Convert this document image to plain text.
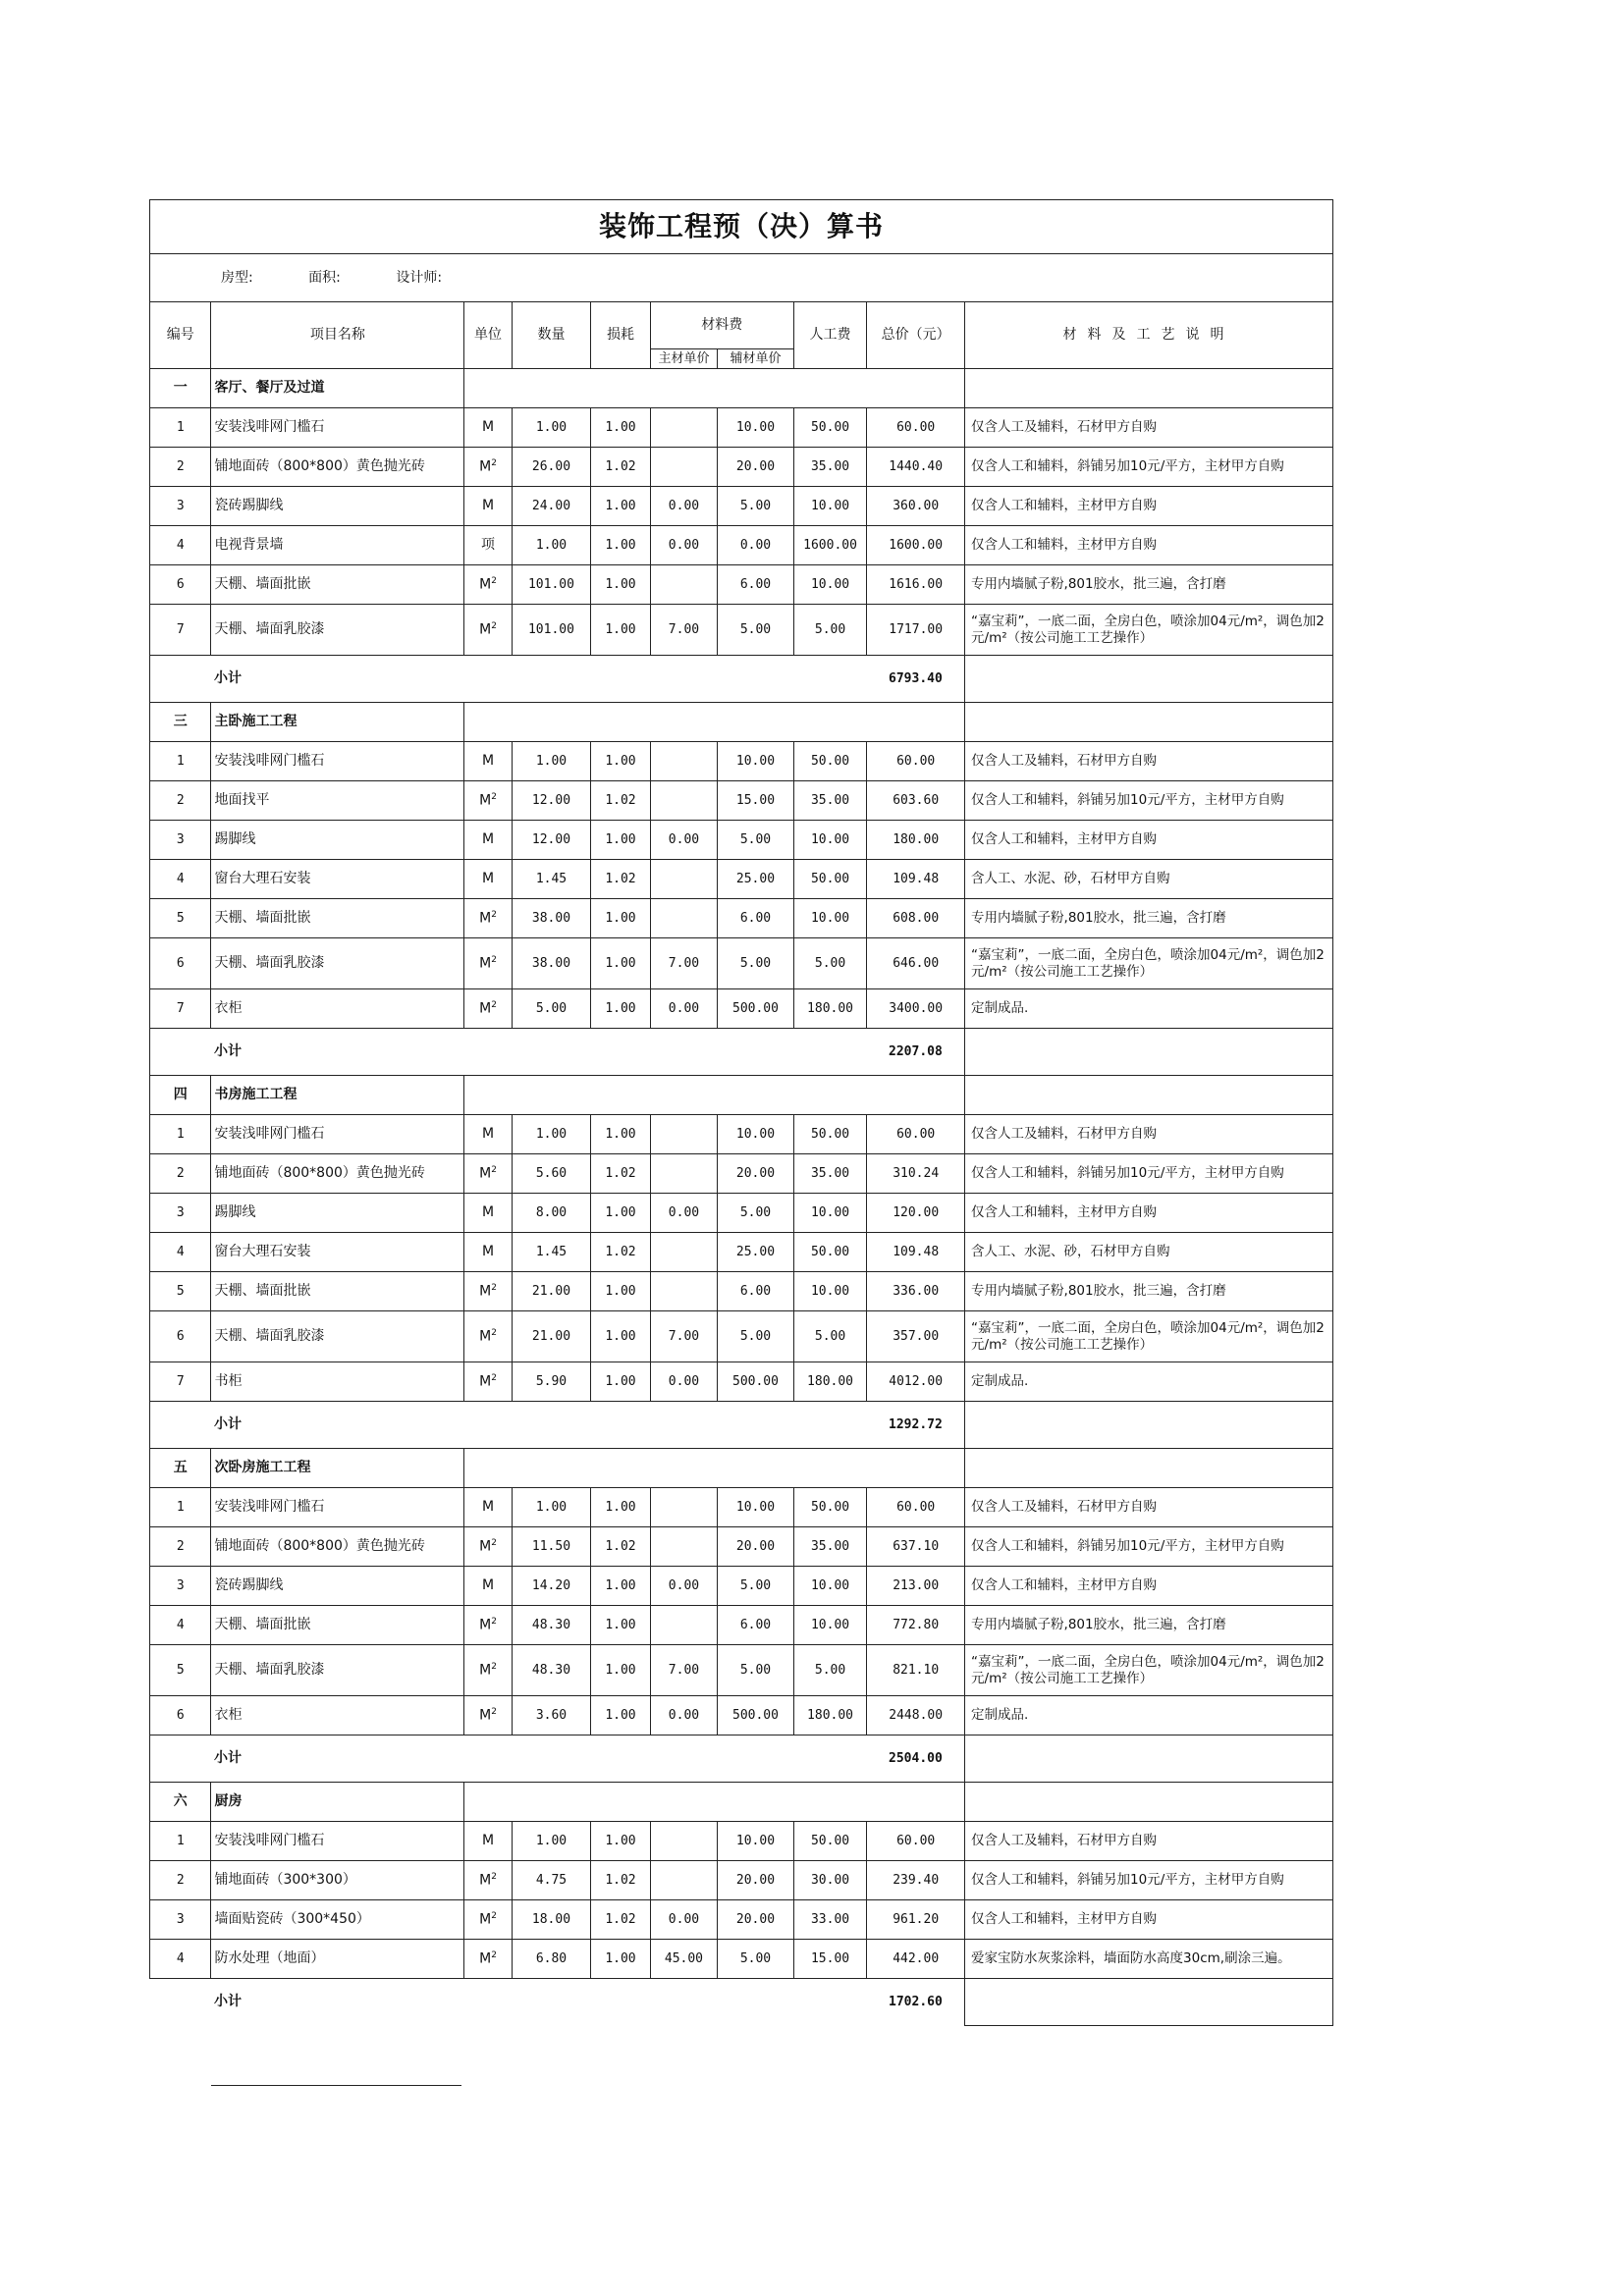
装饰工程预（决）算书									
房型: 面积: 设计师:									
编号	项目名称	单位	数量	损耗	材料费		人工费	总价（元）	材料及工艺说明
					主材单价	辅材单价			
一	客厅、餐厅及过道								
1	安装浅啡网门槛石	M	1.00	1.00		10.00	50.00	60.00	仅含人工及辅料，石材甲方自购
2	铺地面砖（800*800）黄色抛光砖	$M^2$	26.00	1.02		20.00	35.00	1440.40	仅含人工和辅料，斜铺另加10元/平方，主材甲方自购
3	瓷砖踢脚线	M	24.00	1.00	0.00	5.00	10.00	360.00	仅含人工和辅料，主材甲方自购
4	电视背景墙	项	1.00	1.00	0.00	0.00	1600.00	1600.00	仅含人工和辅料，主材甲方自购
6	天棚、墙面批嵌	$M^2$	101.00	1.00		6.00	10.00	1616.00	专用内墙腻子粉,801胶水，批三遍，含打磨
7	天棚、墙面乳胶漆	$M^2$	101.00	1.00	7.00	5.00	5.00	1717.00	“嘉宝莉”，一底二面，全房白色，喷涂加04元/m²，调色加2元/m²（按公司施工工艺操作）
	小计							6793.40	
三	主卧施工工程								
1	安装浅啡网门槛石	M	1.00	1.00		10.00	50.00	60.00	仅含人工及辅料，石材甲方自购
2	地面找平	$M^2$	12.00	1.02		15.00	35.00	603.60	仅含人工和辅料，斜铺另加10元/平方，主材甲方自购
3	踢脚线	M	12.00	1.00	0.00	5.00	10.00	180.00	仅含人工和辅料，主材甲方自购
4	窗台大理石安装	M	1.45	1.02		25.00	50.00	109.48	含人工、水泥、砂，石材甲方自购
5	天棚、墙面批嵌	$M^2$	38.00	1.00		6.00	10.00	608.00	专用内墙腻子粉,801胶水，批三遍，含打磨
6	天棚、墙面乳胶漆	$M^2$	38.00	1.00	7.00	5.00	5.00	646.00	“嘉宝莉”，一底二面，全房白色，喷涂加04元/m²，调色加2元/m²（按公司施工工艺操作）
7	衣柜	$M^2$	5.00	1.00	0.00	500.00	180.00	3400.00	定制成品.
	小计							2207.08	
四	书房施工工程								
1	安装浅啡网门槛石	M	1.00	1.00		10.00	50.00	60.00	仅含人工及辅料，石材甲方自购
2	铺地面砖（800*800）黄色抛光砖	$M^2$	5.60	1.02		20.00	35.00	310.24	仅含人工和辅料，斜铺另加10元/平方，主材甲方自购
3	踢脚线	M	8.00	1.00	0.00	5.00	10.00	120.00	仅含人工和辅料，主材甲方自购
4	窗台大理石安装	M	1.45	1.02		25.00	50.00	109.48	含人工、水泥、砂，石材甲方自购
5	天棚、墙面批嵌	$M^2$	21.00	1.00		6.00	10.00	336.00	专用内墙腻子粉,801胶水，批三遍，含打磨
6	天棚、墙面乳胶漆	$M^2$	21.00	1.00	7.00	5.00	5.00	357.00	“嘉宝莉”，一底二面，全房白色，喷涂加04元/m²，调色加2元/m²（按公司施工工艺操作）
7	书柜	$M^2$	5.90	1.00	0.00	500.00	180.00	4012.00	定制成品.
	小计							1292.72	
五	次卧房施工工程								
1	安装浅啡网门槛石	M	1.00	1.00		10.00	50.00	60.00	仅含人工及辅料，石材甲方自购
2	铺地面砖（800*800）黄色抛光砖	$M^2$	11.50	1.02		20.00	35.00	637.10	仅含人工和辅料，斜铺另加10元/平方，主材甲方自购
3	瓷砖踢脚线	M	14.20	1.00	0.00	5.00	10.00	213.00	仅含人工和辅料，主材甲方自购
4	天棚、墙面批嵌	$M^2$	48.30	1.00		6.00	10.00	772.80	专用内墙腻子粉,801胶水，批三遍，含打磨
5	天棚、墙面乳胶漆	$M^2$	48.30	1.00	7.00	5.00	5.00	821.10	“嘉宝莉”，一底二面，全房白色，喷涂加04元/m²，调色加2元/m²（按公司施工工艺操作）
6	衣柜	$M^2$	3.60	1.00	0.00	500.00	180.00	2448.00	定制成品.
	小计							2504.00	
六	厨房								
1	安装浅啡网门槛石	M	1.00	1.00		10.00	50.00	60.00	仅含人工及辅料，石材甲方自购
2	铺地面砖（300*300）	$M^2$	4.75	1.02		20.00	30.00	239.40	仅含人工和辅料，斜铺另加10元/平方，主材甲方自购
3	墙面贴瓷砖（300*450）	$M^2$	18.00	1.02	0.00	20.00	33.00	961.20	仅含人工和辅料，主材甲方自购
4	防水处理（地面）	$M^2$	6.80	1.00	45.00	5.00	15.00	442.00	爱家宝防水灰浆涂料，墙面防水高度30cm,刷涂三遍。
	小计							1702.60	
